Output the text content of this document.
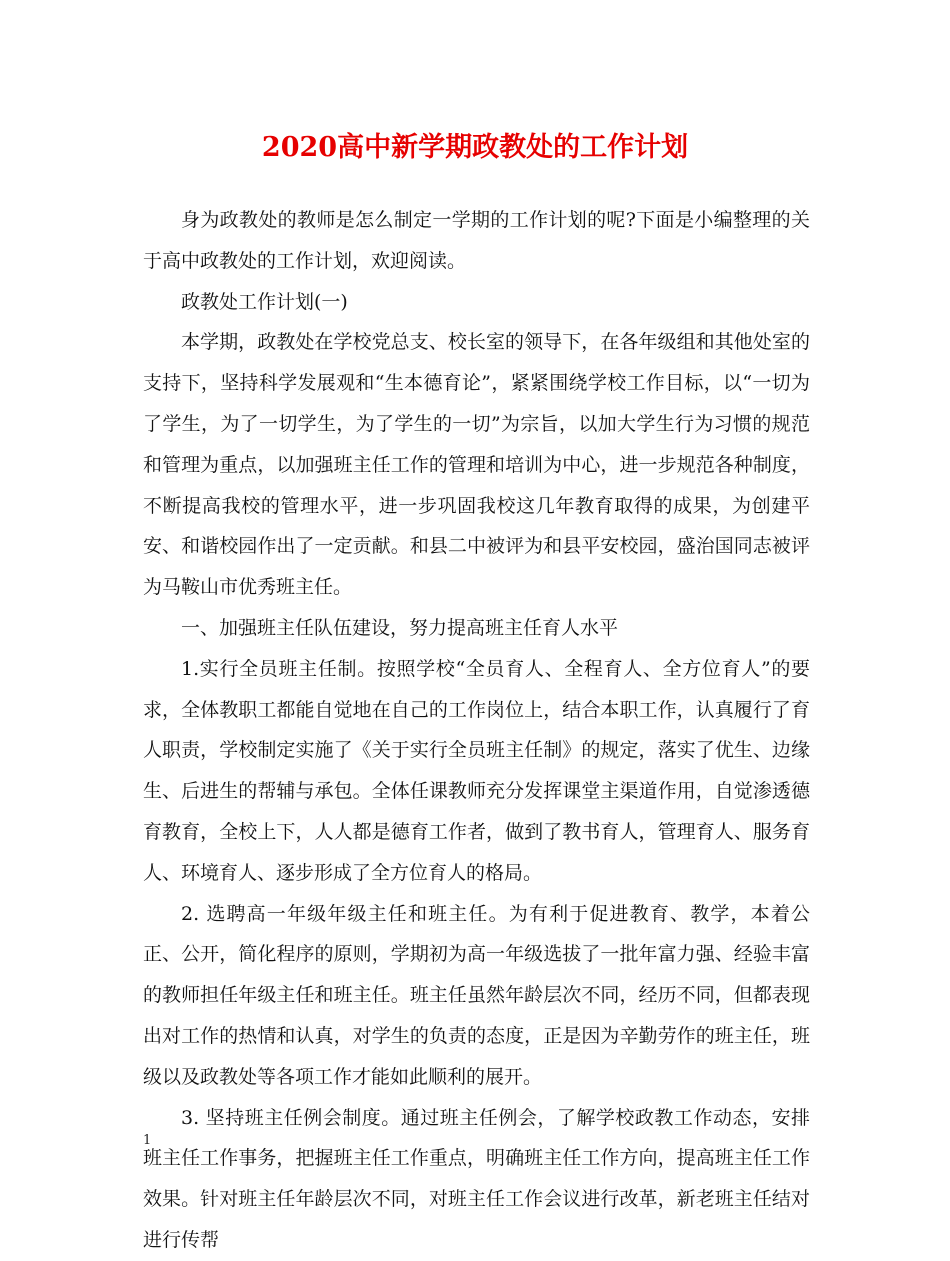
2020高中新学期政教处的工作计划

身为政教处的教师是怎么制定一学期的工作计划的呢?下面是小编整理的关于高中政教处的工作计划，欢迎阅读。

政教处工作计划(一)

本学期，政教处在学校党总支、校长室的领导下，在各年级组和其他处室的支持下，坚持科学发展观和“生本德育论”，紧紧围绕学校工作目标，以“一切为了学生，为了一切学生，为了学生的一切”为宗旨，以加大学生行为习惯的规范和管理为重点，以加强班主任工作的管理和培训为中心，进一步规范各种制度，不断提高我校的管理水平，进一步巩固我校这几年教育取得的成果，为创建平安、和谐校园作出了一定贡献。和县二中被评为和县平安校园，盛治国同志被评为马鞍山市优秀班主任。

一、加强班主任队伍建设，努力提高班主任育人水平

1.实行全员班主任制。按照学校“全员育人、全程育人、全方位育人”的要求，全体教职工都能自觉地在自己的工作岗位上，结合本职工作，认真履行了育人职责，学校制定实施了《关于实行全员班主任制》的规定，落实了优生、边缘生、后进生的帮辅与承包。全体任课教师充分发挥课堂主渠道作用，自觉渗透德育教育，全校上下，人人都是德育工作者，做到了教书育人，管理育人、服务育人、环境育人、逐步形成了全方位育人的格局。

2. 选聘高一年级年级主任和班主任。为有利于促进教育、教学，本着公正、公开，简化程序的原则，学期初为高一年级选拔了一批年富力强、经验丰富的教师担任年级主任和班主任。班主任虽然年龄层次不同，经历不同，但都表现出对工作的热情和认真，对学生的负责的态度，正是因为辛勤劳作的班主任，班级以及政教处等各项工作才能如此顺利的展开。

3. 坚持班主任例会制度。通过班主任例会，了解学校政教工作动态，安排班主任工作事务，把握班主任工作重点，明确班主任工作方向，提高班主任工作效果。针对班主任年龄层次不同，对班主任工作会议进行改革，新老班主任结对进行传帮

1
